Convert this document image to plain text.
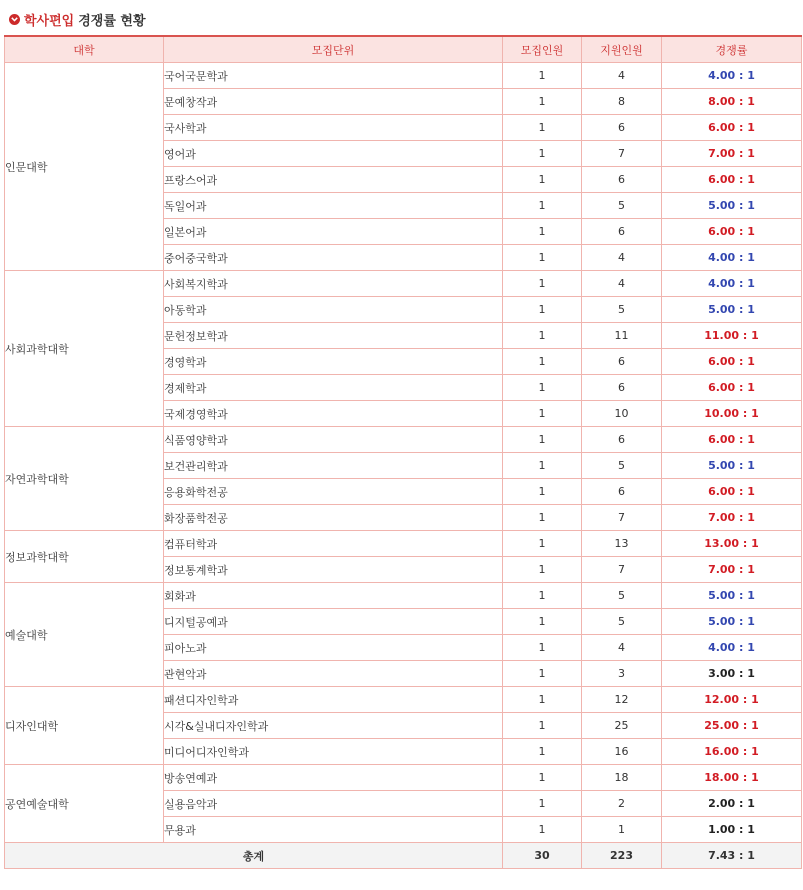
학사편입 경쟁률 현황
대학	모집단위	모집인원	지원인원	경쟁률
인문대학	국어국문학과	1	4	4.00 : 1
	문예창작과	1	8	8.00 : 1
	국사학과	1	6	6.00 : 1
	영어과	1	7	7.00 : 1
	프랑스어과	1	6	6.00 : 1
	독일어과	1	5	5.00 : 1
	일본어과	1	6	6.00 : 1
	중어중국학과	1	4	4.00 : 1
사회과학대학	사회복지학과	1	4	4.00 : 1
	아동학과	1	5	5.00 : 1
	문헌정보학과	1	11	11.00 : 1
	경영학과	1	6	6.00 : 1
	경제학과	1	6	6.00 : 1
	국제경영학과	1	10	10.00 : 1
자연과학대학	식품영양학과	1	6	6.00 : 1
	보건관리학과	1	5	5.00 : 1
	응용화학전공	1	6	6.00 : 1
	화장품학전공	1	7	7.00 : 1
정보과학대학	컴퓨터학과	1	13	13.00 : 1
	정보통계학과	1	7	7.00 : 1
예술대학	회화과	1	5	5.00 : 1
	디지털공예과	1	5	5.00 : 1
	피아노과	1	4	4.00 : 1
	관현악과	1	3	3.00 : 1
디자인대학	패션디자인학과	1	12	12.00 : 1
	시각&실내디자인학과	1	25	25.00 : 1
	미디어디자인학과	1	16	16.00 : 1
공연예술대학	방송연예과	1	18	18.00 : 1
	실용음악과	1	2	2.00 : 1
	무용과	1	1	1.00 : 1
총계		30	223	7.43 : 1
